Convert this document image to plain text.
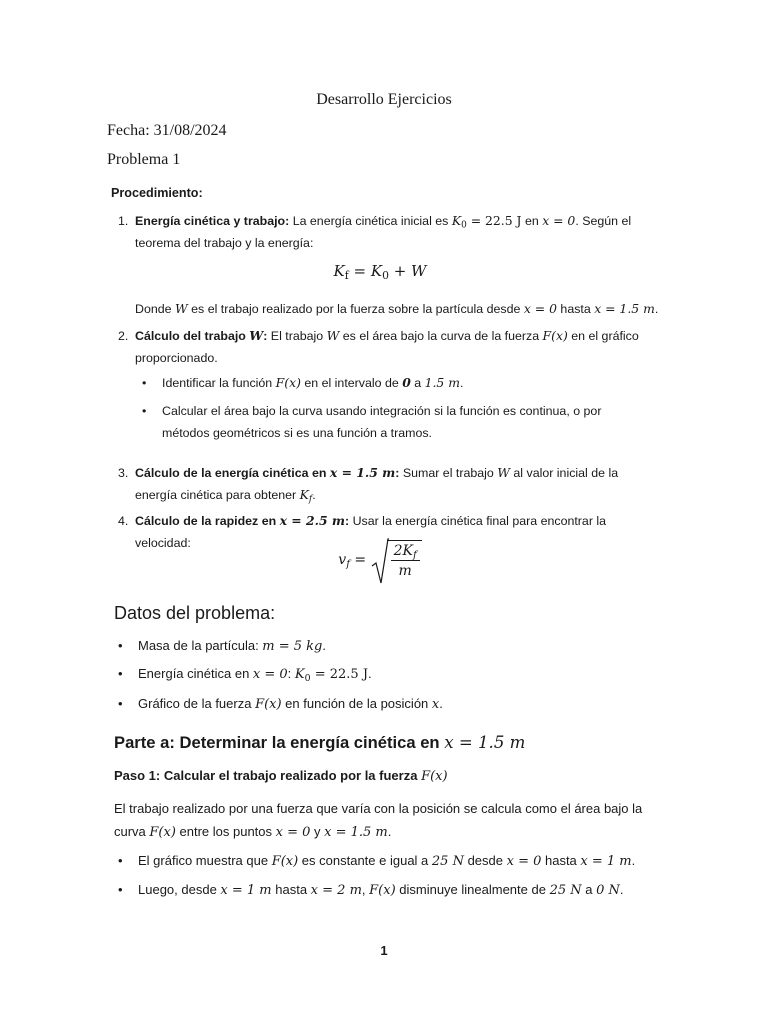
Desarrollo Ejercicios
Fecha: 31/08/2024
Problema 1
Procedimiento:
1. Energía cinética y trabajo: La energía cinética inicial es $K_0 = 22.5$ J en x = 0. Según el teorema del trabajo y la energía:
$K_f = K_0 + W$
Donde W es el trabajo realizado por la fuerza sobre la partícula desde x = 0 hasta x = 1.5 m.
2. Cálculo del trabajo W: El trabajo W es el área bajo la curva de la fuerza F(x) en el gráfico proporcionado.
• Identificar la función F(x) en el intervalo de 0 a 1.5 m.
• Calcular el área bajo la curva usando integración si la función es continua, o por métodos geométricos si es una función a tramos.
3. Cálculo de la energía cinética en x = 1.5 m: Sumar el trabajo W al valor inicial de la energía cinética para obtener $K_f$.
4. Cálculo de la rapidez en x = 2.5 m: Usar la energía cinética final para encontrar la velocidad:
$v_f = \frac{2K_f}{m}$
Datos del problema:
• Masa de la partícula: m = 5 kg.
• Energía cinética en x = 0: $K_0 = 22.5$ J.
• Gráfico de la fuerza F(x) en función de la posición x.
Parte a: Determinar la energía cinética en x = 1.5 m
Paso 1: Calcular el trabajo realizado por la fuerza F(x)
El trabajo realizado por una fuerza que varía con la posición se calcula como el área bajo la curva F(x) entre los puntos x = 0 y x = 1.5 m.
• El gráfico muestra que F(x) es constante e igual a 25 N desde x = 0 hasta x = 1 m.
• Luego, desde x = 1 m hasta x = 2 m, F(x) disminuye linealmente de 25 N a 0 N.
1
